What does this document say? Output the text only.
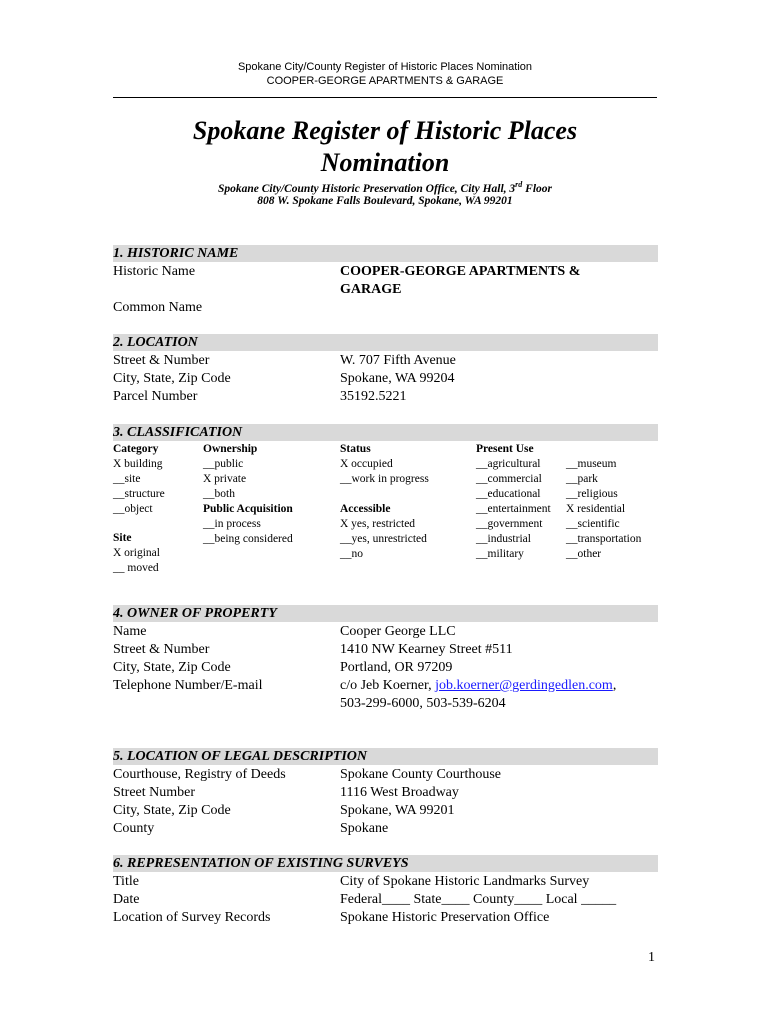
Spokane City/County Register of Historic Places Nomination
COOPER-GEORGE APARTMENTS & GARAGE
Spokane Register of Historic Places
Nomination
Spokane City/County Historic Preservation Office, City Hall, 3rd Floor
808 W. Spokane Falls Boulevard, Spokane, WA 99201
1. HISTORIC NAME
Historic Name	COOPER-GEORGE APARTMENTS &
GARAGE
Common Name
2. LOCATION
Street & Number
City, State, Zip Code
Parcel Number
W. 707 Fifth Avenue
Spokane, WA 99204
35192.5221
3. CLASSIFICATION
Category
X building
__site
__structure
__object
Site
X original
__ moved
Ownership
__public
X private
__both
Public Acquisition
__in process
__being considered
Status
X occupied
__work in progress
Accessible
X yes, restricted
__yes, unrestricted
__no
Present Use
__agricultural
__commercial
__educational
__entertainment
__government
__industrial
__military
__museum
__park
__religious
X residential
__scientific
__transportation
__other
4. OWNER OF PROPERTY
Name
Street & Number
City, State, Zip Code
Telephone Number/E-mail
Cooper George LLC
1410 NW Kearney Street #511
Portland, OR 97209
c/o Jeb Koerner, job.koerner@gerdingedlen.com,
503-299-6000, 503-539-6204
5. LOCATION OF LEGAL DESCRIPTION
Courthouse, Registry of Deeds
Street Number
City, State, Zip Code
County
Spokane County Courthouse
1116 West Broadway
Spokane, WA 99201
Spokane
6. REPRESENTATION OF EXISTING SURVEYS
Title
Date
Location of Survey Records
City of Spokane Historic Landmarks Survey
Federal____ State____ County____ Local _____
Spokane Historic Preservation Office
1
